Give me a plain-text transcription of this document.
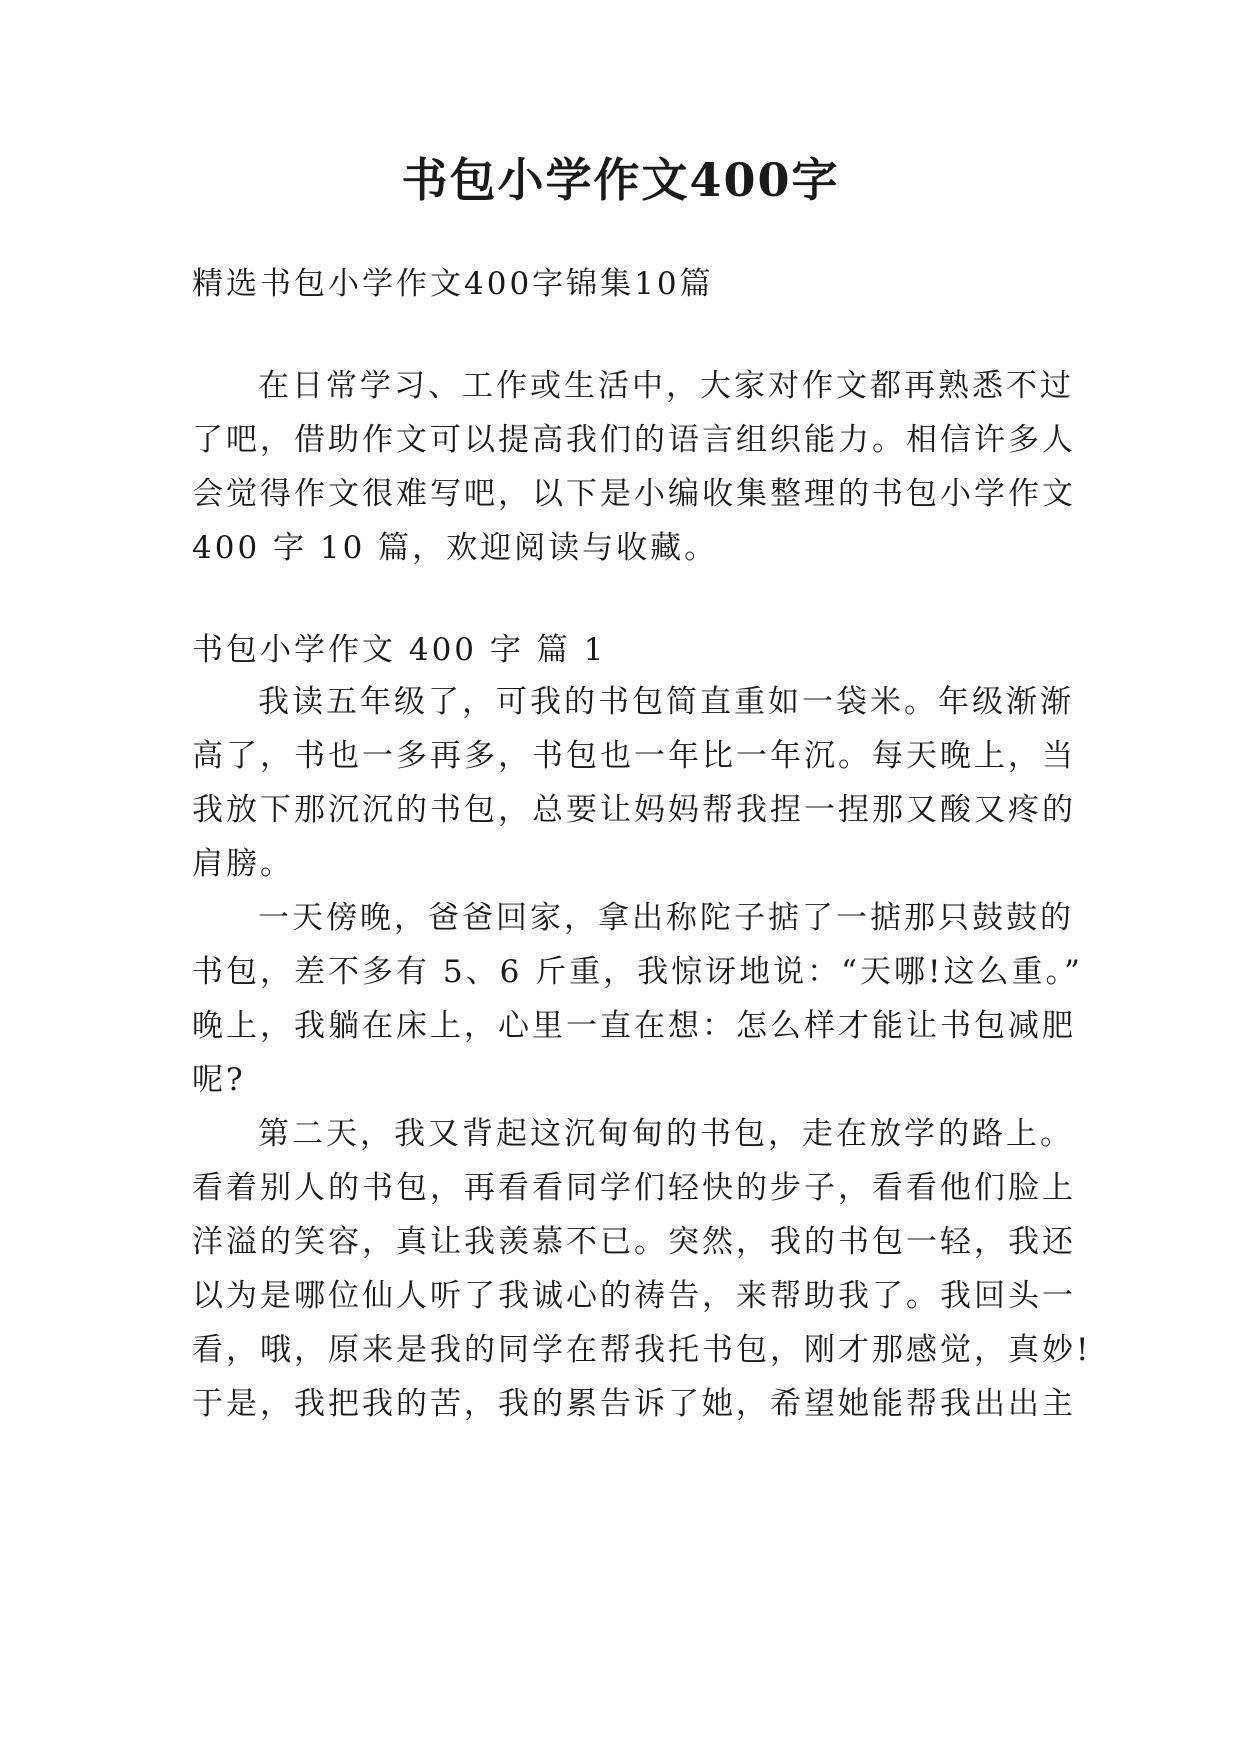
书包小学作文400字

精选书包小学作文400字锦集10篇

在日常学习、工作或生活中，大家对作文都再熟悉不过

了吧，借助作文可以提高我们的语言组织能力。相信许多人

会觉得作文很难写吧，以下是小编收集整理的书包小学作文

400 字 10 篇，欢迎阅读与收藏。

书包小学作文 400 字 篇 1

我读五年级了，可我的书包简直重如一袋米。年级渐渐

高了，书也一多再多，书包也一年比一年沉。每天晚上，当

我放下那沉沉的书包，总要让妈妈帮我捏一捏那又酸又疼的

肩膀。

一天傍晚，爸爸回家，拿出称陀子掂了一掂那只鼓鼓的

书包，差不多有 5、6 斤重，我惊讶地说：“天哪!这么重。”

晚上，我躺在床上，心里一直在想：怎么样才能让书包减肥

呢?

第二天，我又背起这沉甸甸的书包，走在放学的路上。

看着别人的书包，再看看同学们轻快的步子，看看他们脸上

洋溢的笑容，真让我羡慕不已。突然，我的书包一轻，我还

以为是哪位仙人听了我诚心的祷告，来帮助我了。我回头一

看，哦，原来是我的同学在帮我托书包，刚才那感觉，真妙!

于是，我把我的苦，我的累告诉了她，希望她能帮我出出主
